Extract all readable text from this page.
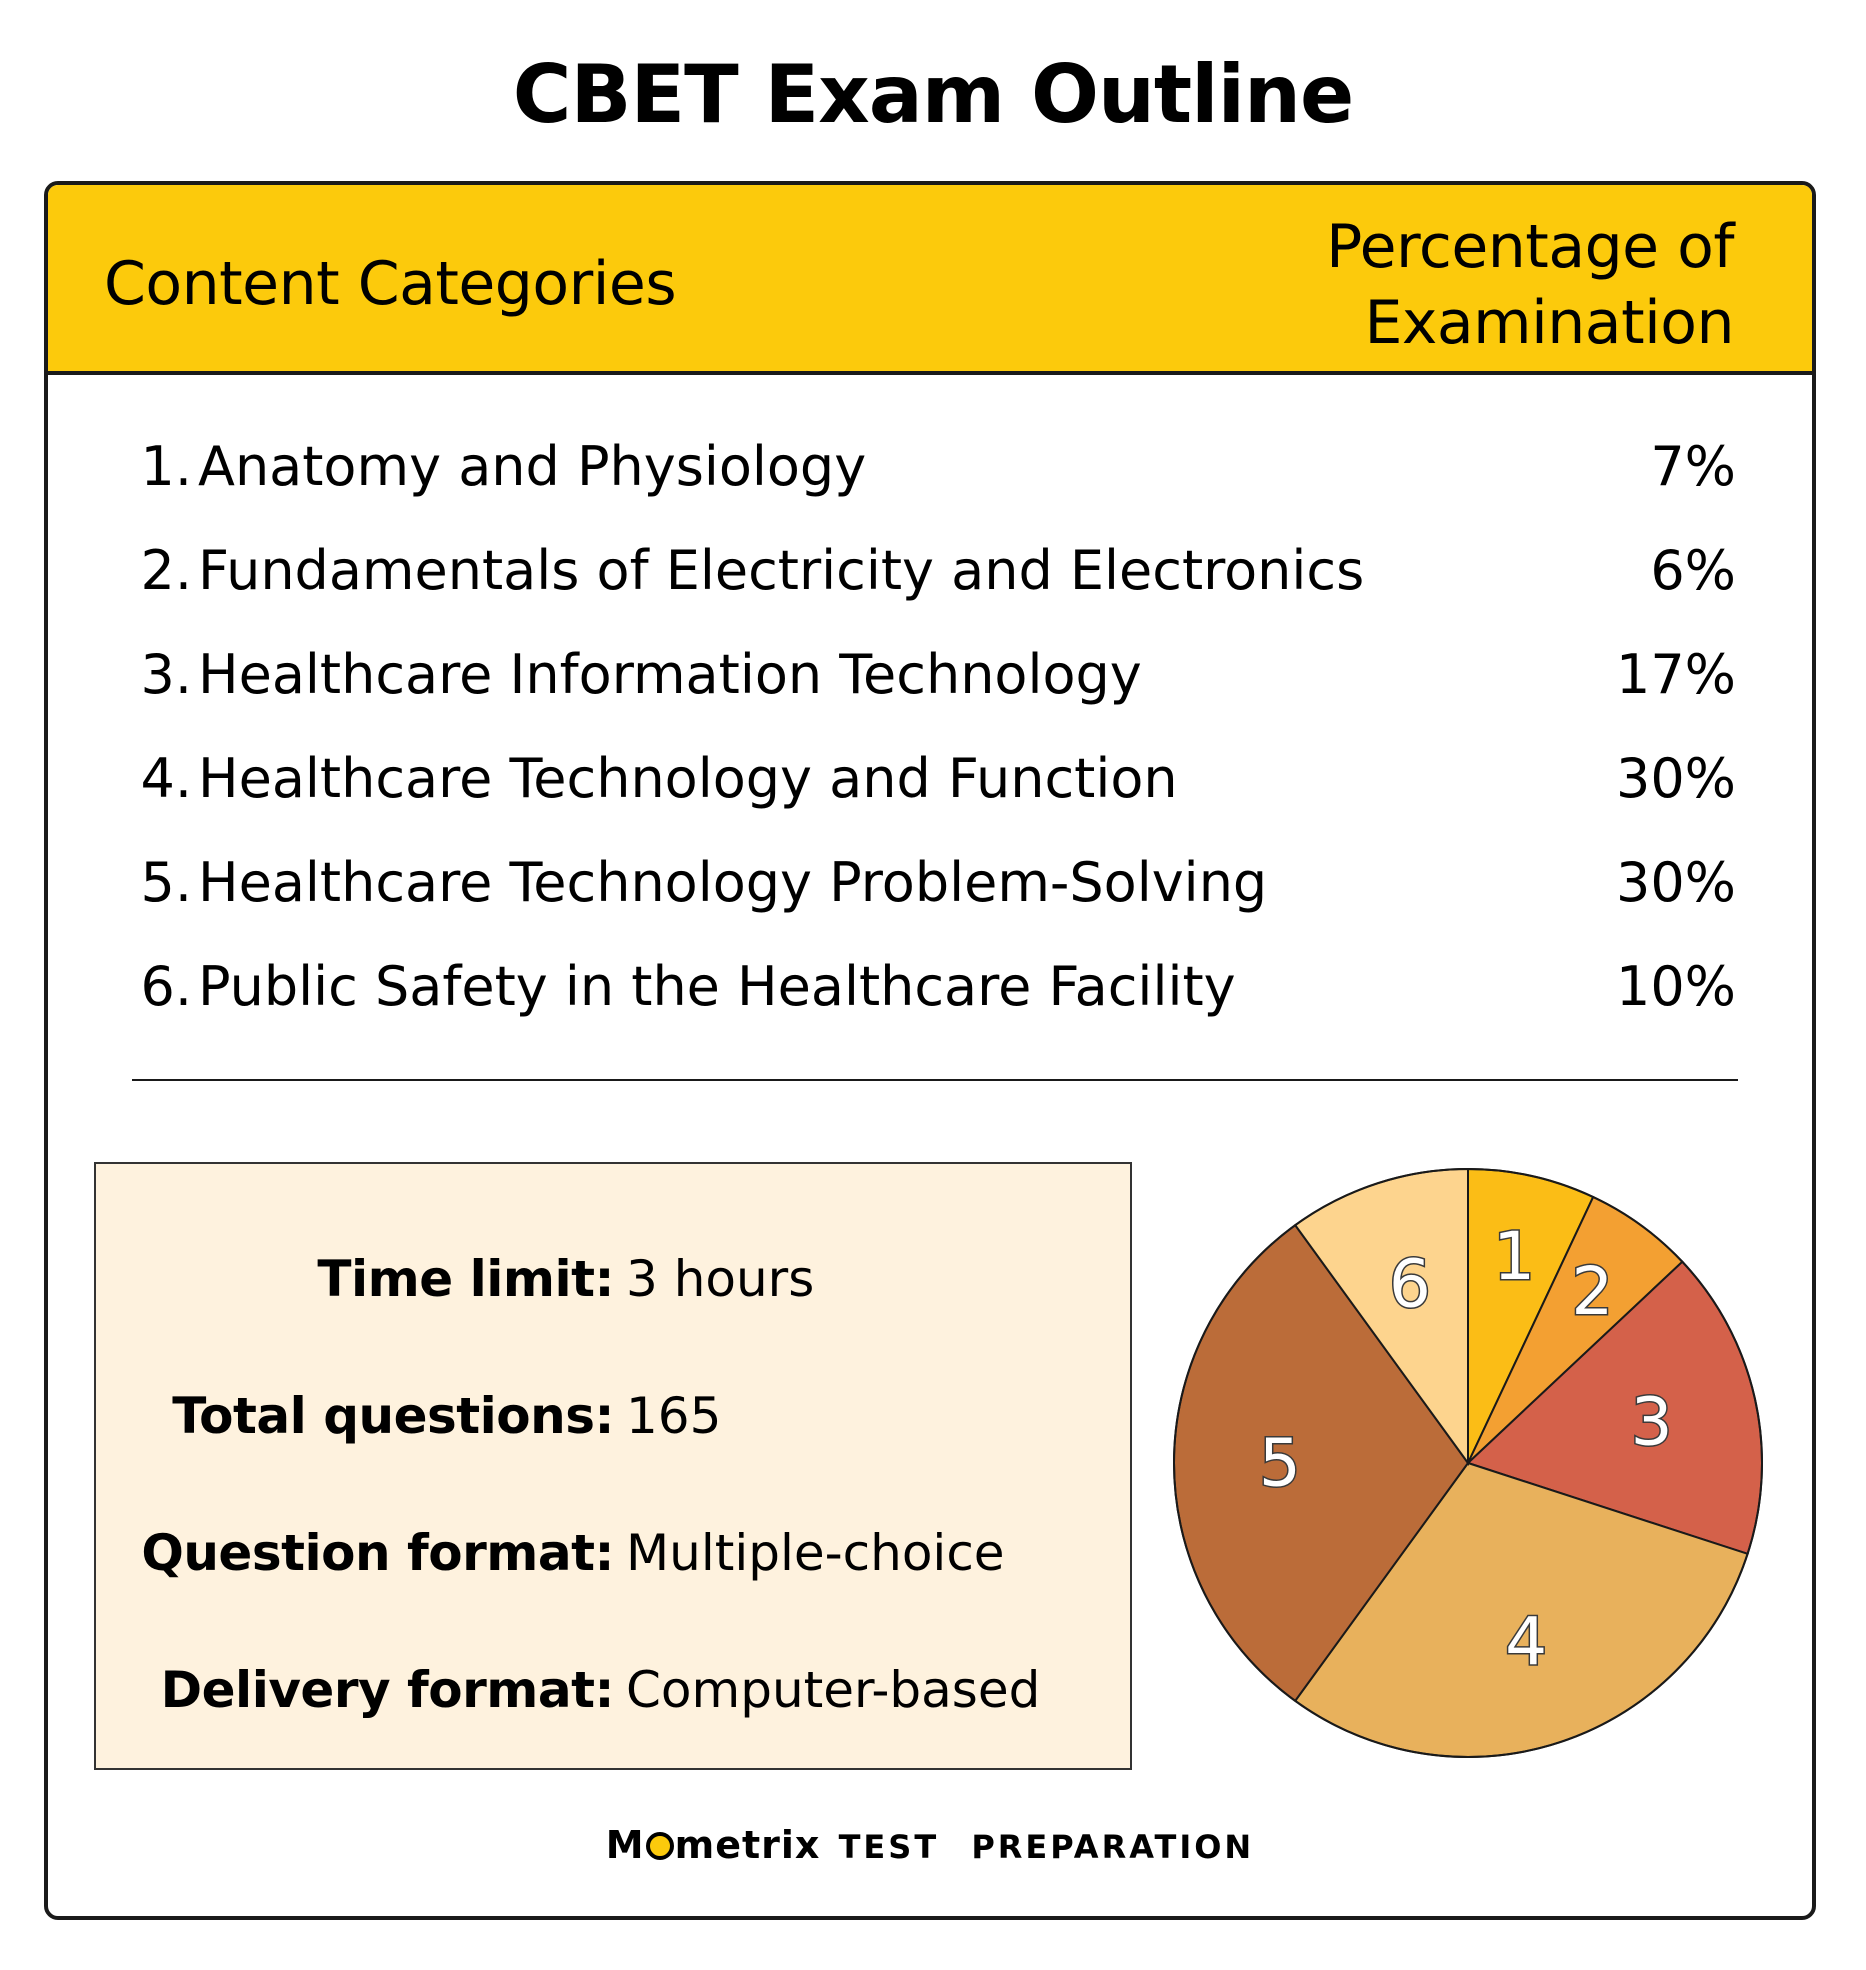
CBET Exam Outline
Content Categories
Percentage of
Examination
1. Anatomy and Physiology	7%
2. Fundamentals of Electricity and Electronics	6%
3. Healthcare Information Technology	17%
4. Healthcare Technology and Function	30%
5. Healthcare Technology Problem-Solving	30%
6. Public Safety in the Healthcare Facility	10%
Time limit: 3 hours
Total questions: 165
Question format: Multiple-choice
Delivery format: Computer-based
1 2
3
4
5
6
M metrix TEST PREPARATION
